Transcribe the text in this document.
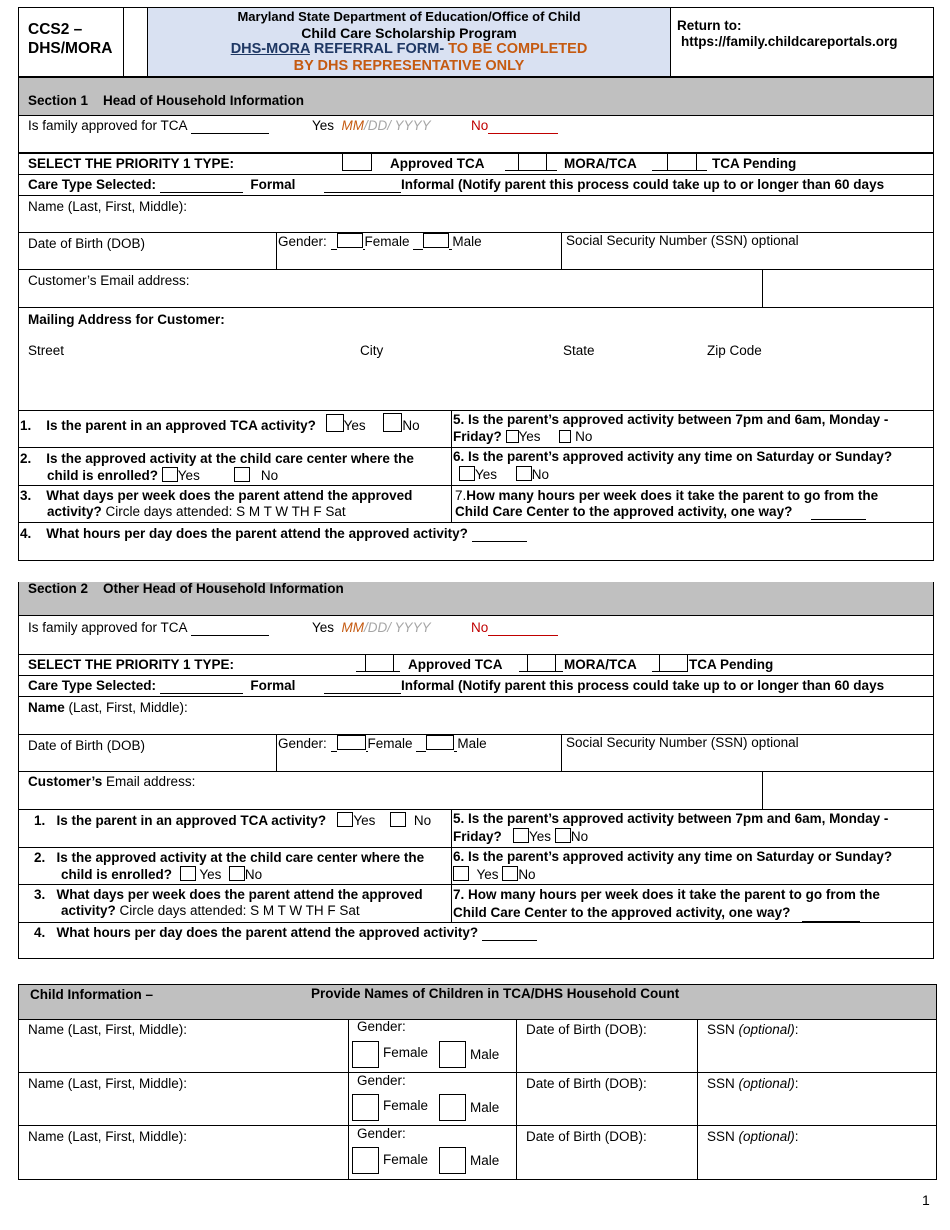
CCS2 –
DHS/MORA
Maryland State Department of Education/Office of Child
Child Care Scholarship Program
DHS-MORA REFERRAL FORM- TO BE COMPLETED
BY DHS REPRESENTATIVE ONLY
Return to:
https://family.childcareportals.org
Section 1 Head of Household Information
Is family approved for TCA	Yes MM/DD/ YYYY	No
SELECT THE PRIORITY 1 TYPE:	Approved TCA	MORA/TCA	TCA Pending
Care Type Selected:	Formal	Informal (Notify parent this process could take up to or longer than 60 days
Name (Last, First, Middle):
Date of Birth (DOB)	Gender:	Female	Male	Social Security Number (SSN) optional
Customer’s Email address:
Mailing Address for Customer:
Street	City	State	Zip Code
1. Is the parent in an approved TCA activity? Yes	No 5. Is the parent’s approved activity between 7pm and 6am, Monday -
Friday? Yes	No
2. Is the approved activity at the child care center where the
child is enrolled? Yes	No
6. Is the parent’s approved activity any time on Saturday or Sunday?
Yes	No
3. What days per week does the parent attend the approved
activity? Circle days attended: S M T W TH F Sat
7.How many hours per week does it take the parent to go from the
Child Care Center to the approved activity, one way?
4. What hours per day does the parent attend the approved activity?
Section 2 Other Head of Household Information
Is family approved for TCA	Yes MM/DD/ YYYY	No
SELECT THE PRIORITY 1 TYPE:	Approved TCA	MORA/TCA	TCA Pending
Care Type Selected:	Formal	Informal (Notify parent this process could take up to or longer than 60 days
Name (Last, First, Middle):
Date of Birth (DOB)	Gender:	Female	Male	Social Security Number (SSN) optional
Customer’s Email address:
1. Is the parent in an approved TCA activity? Yes	No 5. Is the parent’s approved activity between 7pm and 6am, Monday -
Friday? Yes No
2. Is the approved activity at the child care center where the
child is enrolled? Yes No
6. Is the parent’s approved activity any time on Saturday or Sunday?
Yes No
3. What days per week does the parent attend the approved
activity? Circle days attended: S M T W TH F Sat
7. How many hours per week does it take the parent to go from the
Child Care Center to the approved activity, one way?
4. What hours per day does the parent attend the approved activity?
Child Information –	Provide Names of Children in TCA/DHS Household Count
Name (Last, First, Middle):	Gender:
Female	Male
Date of Birth (DOB):	SSN (optional):
Name (Last, First, Middle):	Gender:
Female	Male
Date of Birth (DOB):	SSN (optional):
Name (Last, First, Middle):	Gender:
Female	Male
Date of Birth (DOB):	SSN (optional):
1
